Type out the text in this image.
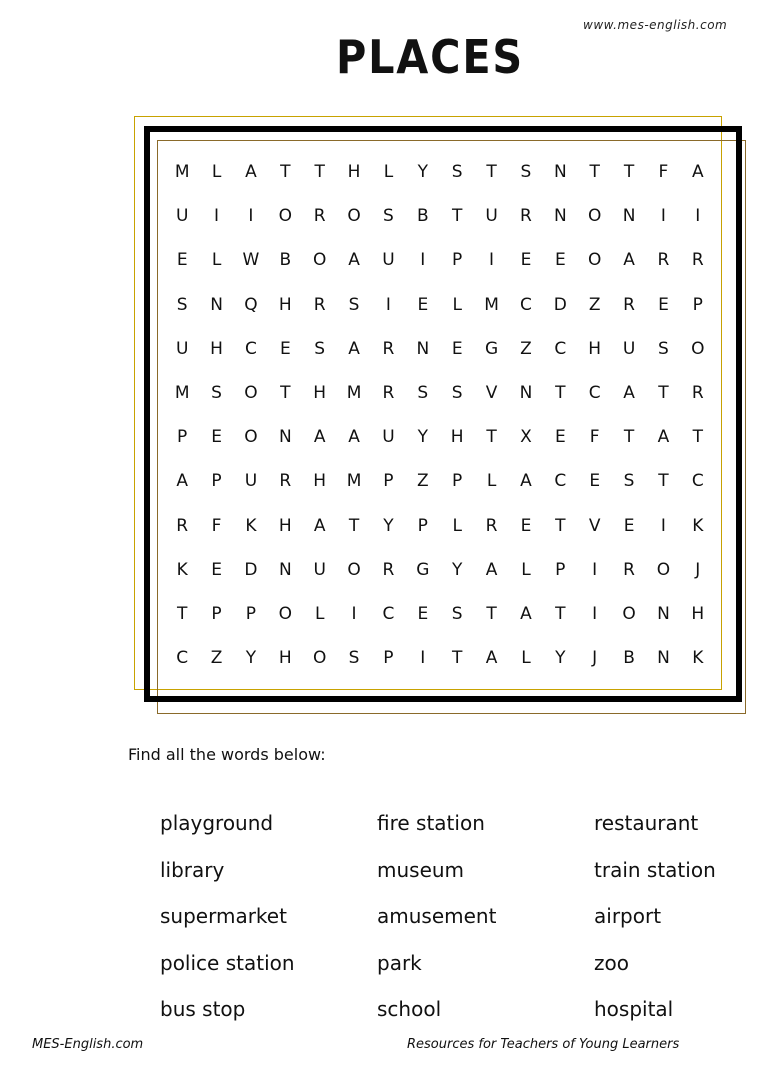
www.mes-english.com
PLACES
M	L	A	T	T	H	L	Y	S	T	S	N	T	T	F	A
U	I	I	O	R	O	S	B	T	U	R	N	O	N	I	I
E	L	W	B	O	A	U	I	P	I	E	E	O	A	R	R
S	N	Q	H	R	S	I	E	L	M	C	D	Z	R	E	P
U	H	C	E	S	A	R	N	E	G	Z	C	H	U	S	O
M	S	O	T	H	M	R	S	S	V	N	T	C	A	T	R
P	E	O	N	A	A	U	Y	H	T	X	E	F	T	A	T
A	P	U	R	H	M	P	Z	P	L	A	C	E	S	T	C
R	F	K	H	A	T	Y	P	L	R	E	T	V	E	I	K
K	E	D	N	U	O	R	G	Y	A	L	P	I	R	O	J
T	P	P	O	L	I	C	E	S	T	A	T	I	O	N	H
C	Z	Y	H	O	S	P	I	T	A	L	Y	J	B	N	K
Find all the words below:
playground	fire station	restaurant
library	museum	train station
supermarket	amusement	airport
police station	park	zoo
bus stop	school	hospital
MES-English.com	Resources for Teachers of Young Learners
